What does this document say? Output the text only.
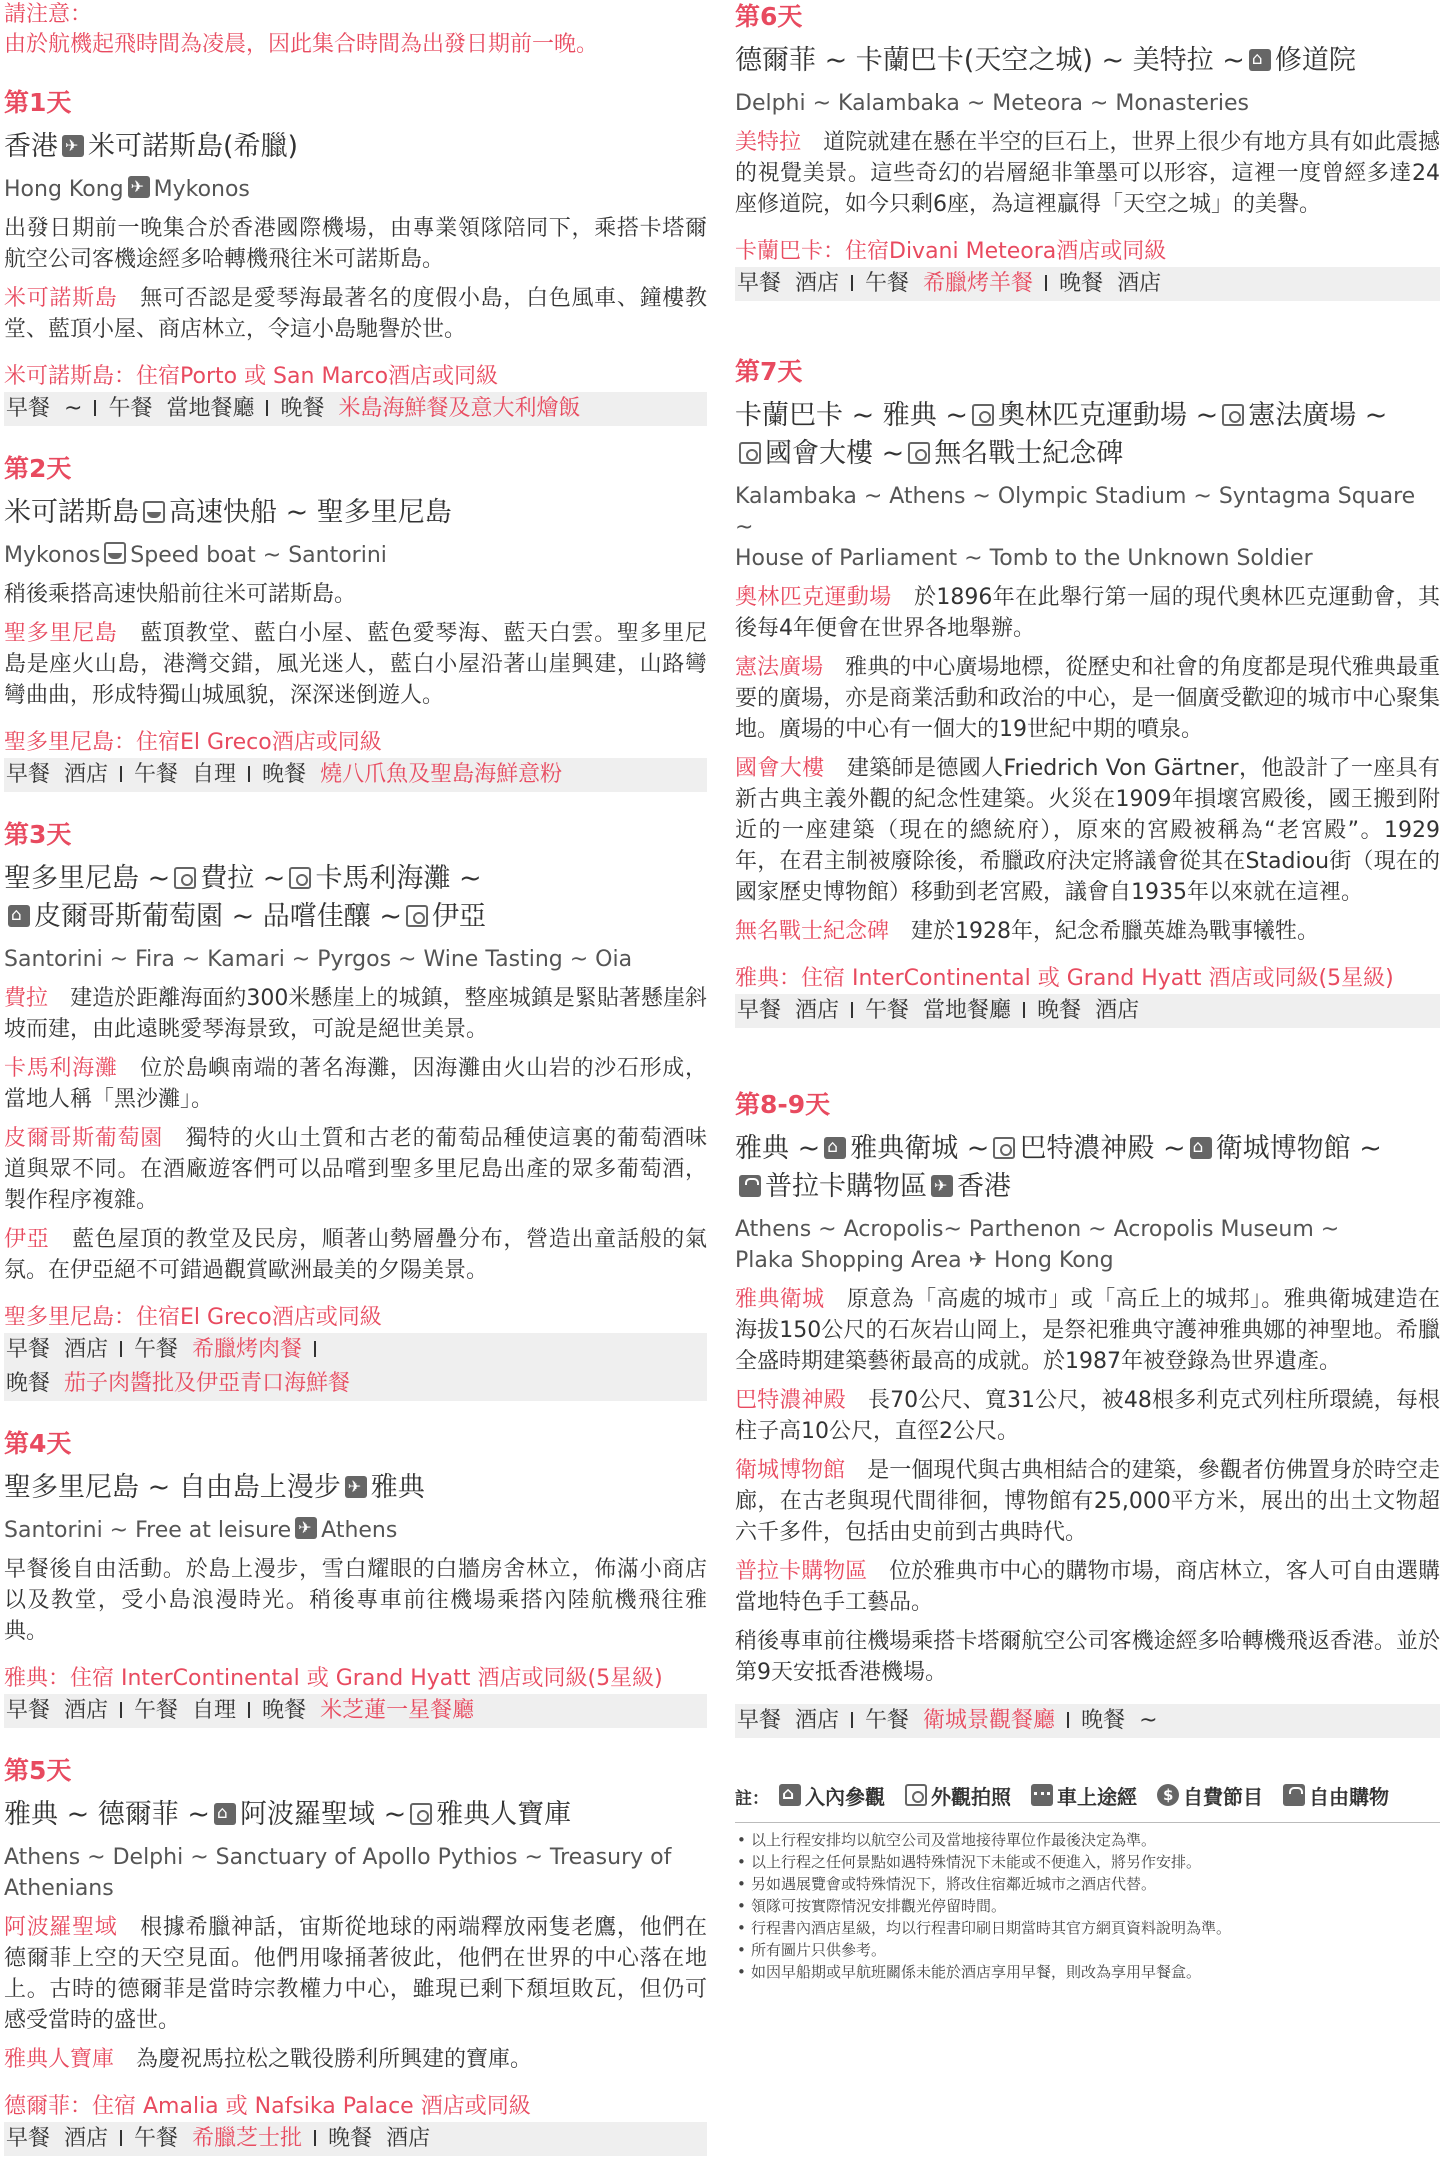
請注意：
由於航機起飛時間為凌晨，因此集合時間為出發日期前一晚。
第1天
香港 ✈ 米可諾斯島(希臘)
Hong Kong ✈ Mykonos
出發日期前一晚集合於香港國際機場，由專業領隊陪同下，乘搭卡塔爾航空公司客機途經多哈轉機飛往米可諾斯島。
米可諾斯島　無可否認是愛琴海最著名的度假小島，白色風車、鐘樓教堂、藍頂小屋、商店林立，令這小島馳譽於世。
米可諾斯島：住宿Porto 或 San Marco酒店或同級
早餐 ~ 午餐 當地餐廳 晚餐 米島海鮮餐及意大利燴飯
第2天
米可諾斯島 高速快船 ~ 聖多里尼島
Mykonos Speed boat ~ Santorini
稍後乘搭高速快船前往米可諾斯島。
聖多里尼島　藍頂教堂、藍白小屋、藍色愛琴海、藍天白雲。聖多里尼島是座火山島，港灣交錯，風光迷人，藍白小屋沿著山崖興建，山路彎彎曲曲，形成特獨山城風貌，深深迷倒遊人。
聖多里尼島：住宿El Greco酒店或同級
早餐 酒店 午餐 自理 晚餐 燒八爪魚及聖島海鮮意粉
第3天
聖多里尼島 ~ 費拉 ~ 卡馬利海灘 ~
⌂皮爾哥斯葡萄園 ~ 品嚐佳釀 ~ 伊亞
Santorini ~ Fira ~ Kamari ~ Pyrgos ~ Wine Tasting ~ Oia
費拉　建造於距離海面約300米懸崖上的城鎮，整座城鎮是緊貼著懸崖斜坡而建，由此遠眺愛琴海景致，可說是絕世美景。
卡馬利海灘　位於島嶼南端的著名海灘，因海灘由火山岩的沙石形成，當地人稱「黑沙灘」。
皮爾哥斯葡萄園　獨特的火山土質和古老的葡萄品種使這裏的葡萄酒味道與眾不同。在酒廠遊客們可以品嚐到聖多里尼島出產的眾多葡萄酒，製作程序複雜。
伊亞　藍色屋頂的教堂及民房，順著山勢層疊分布，營造出童話般的氣氛。在伊亞絕不可錯過觀賞歐洲最美的夕陽美景。
聖多里尼島：住宿El Greco酒店或同級
早餐 酒店 午餐 希臘烤肉餐
晚餐 茄子肉醬批及伊亞青口海鮮餐
第4天
聖多里尼島 ~ 自由島上漫步 ✈ 雅典
Santorini ~ Free at leisure ✈ Athens
早餐後自由活動。於島上漫步，雪白耀眼的白牆房舍林立，佈滿小商店以及教堂，受小島浪漫時光。稍後專車前往機場乘搭內陸航機飛往雅典。
雅典：住宿 InterContinental 或 Grand Hyatt 酒店或同級(5星級)
早餐 酒店 午餐 自理 晚餐 米芝蓮一星餐廳
第5天
雅典 ~ 德爾菲 ~ ⌂ 阿波羅聖域 ~ 雅典人寶庫
Athens ~ Delphi ~ Sanctuary of Apollo Pythios ~ Treasury of Athenians
阿波羅聖域　根據希臘神話，宙斯從地球的兩端釋放兩隻老鷹，他們在德爾菲上空的天空見面。他們用喙捅著彼此，他們在世界的中心落在地上。古時的德爾菲是當時宗教權力中心，雖現已剩下頹垣敗瓦，但仍可感受當時的盛世。
雅典人寶庫　為慶祝馬拉松之戰役勝利所興建的寶庫。
德爾菲：住宿 Amalia 或 Nafsika Palace 酒店或同級
早餐 酒店 午餐 希臘芝士批 晚餐 酒店
第6天
德爾菲 ~ 卡蘭巴卡(天空之城) ~ 美特拉 ~ ⌂ 修道院
Delphi ~ Kalambaka ~ Meteora ~ Monasteries
美特拉　道院就建在懸在半空的巨石上，世界上很少有地方具有如此震撼的視覺美景。這些奇幻的岩層絕非筆墨可以形容，這裡一度曾經多達24座修道院，如今只剩6座，為這裡贏得「天空之城」的美譽。
卡蘭巴卡：住宿Divani Meteora酒店或同級
早餐 酒店 午餐 希臘烤羊餐 晚餐 酒店
第7天
卡蘭巴卡 ~ 雅典 ~ 奧林匹克運動場 ~ 憲法廣場 ~
國會大樓 ~ 無名戰士紀念碑
Kalambaka ~ Athens ~ Olympic Stadium ~ Syntagma Square ~
House of Parliament ~ Tomb to the Unknown Soldier
奧林匹克運動場　於1896年在此舉行第一屆的現代奧林匹克運動會，其後每4年便會在世界各地舉辦。
憲法廣場　雅典的中心廣場地標，從歷史和社會的角度都是現代雅典最重要的廣場，亦是商業活動和政治的中心，是一個廣受歡迎的城市中心聚集地。廣場的中心有一個大的19世紀中期的噴泉。
國會大樓　建築師是德國人Friedrich Von Gärtner，他設計了一座具有新古典主義外觀的紀念性建築。火災在1909年損壞宮殿後，國王搬到附近的一座建築（現在的總統府），原來的宮殿被稱為“老宮殿”。1929年，在君主制被廢除後，希臘政府決定將議會從其在Stadiou街（現在的國家歷史博物館）移動到老宮殿，議會自1935年以來就在這裡。
無名戰士紀念碑　建於1928年，紀念希臘英雄為戰事犧牲。
雅典：住宿 InterContinental 或 Grand Hyatt 酒店或同級(5星級)
早餐 酒店 午餐 當地餐廳 晚餐 酒店
第8-9天
雅典 ~ ⌂ 雅典衛城 ~ 巴特濃神殿 ~ ⌂ 衛城博物館 ~
普拉卡購物區 ✈ 香港
Athens ~ Acropolis~ Parthenon ~ Acropolis Museum ~
Plaka Shopping Area ✈ Hong Kong
雅典衛城　原意為「高處的城市」或「高丘上的城邦」。雅典衛城建造在海拔150公尺的石灰岩山岡上，是祭祀雅典守護神雅典娜的神聖地。希臘全盛時期建築藝術最高的成就。於1987年被登錄為世界遺產。
巴特濃神殿　長70公尺、寬31公尺，被48根多利克式列柱所環繞，每根柱子高10公尺，直徑2公尺。
衛城博物館　是一個現代與古典相結合的建築，參觀者仿佛置身於時空走廊，在古老與現代間徘徊，博物館有25,000平方米，展出的出土文物超六千多件，包括由史前到古典時代。
普拉卡購物區　位於雅典市中心的購物市場，商店林立，客人可自由選購當地特色手工藝品。
稍後專車前往機場乘搭卡塔爾航空公司客機途經多哈轉機飛返香港。並於第9天安抵香港機場。
早餐 酒店 午餐 衛城景觀餐廳 晚餐 ~
註： ⌂ 入內參觀 外觀拍照 車上途經 $ 自費節目 自由購物
• 以上行程安排均以航空公司及當地接待單位作最後決定為準。
• 以上行程之任何景點如遇特殊情況下未能或不便進入，將另作安排。
• 另如遇展覽會或特殊情況下，將改住宿鄰近城市之酒店代替。
• 領隊可按實際情況安排觀光停留時間。
• 行程書內酒店星級，均以行程書印刷日期當時其官方網頁資料說明為準。
• 所有圖片只供參考。
• 如因早船期或早航班關係未能於酒店享用早餐，則改為享用早餐盒。
